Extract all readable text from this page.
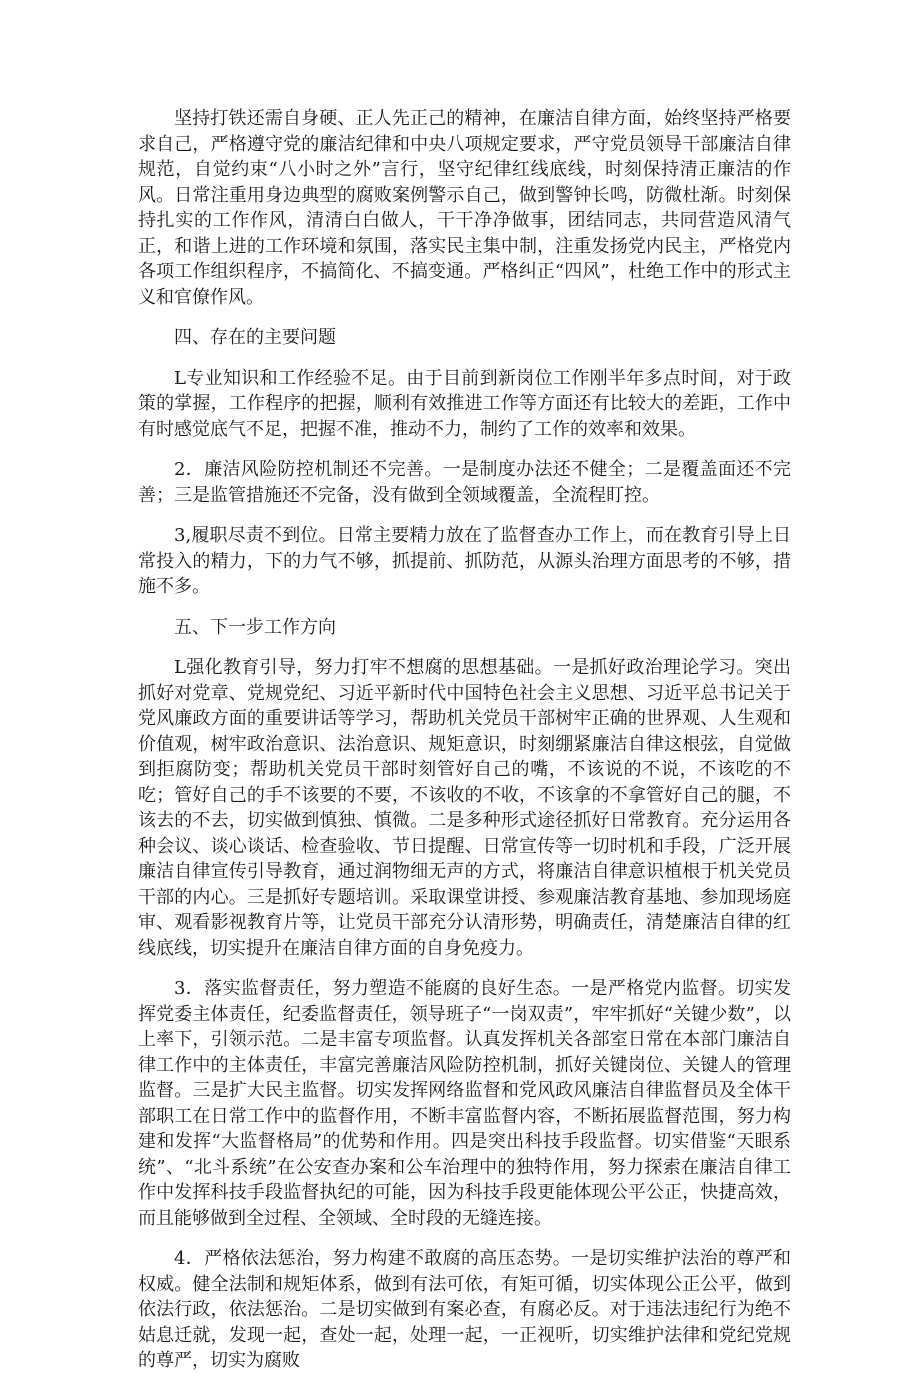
坚持打铁还需自身硬、正人先正己的精神，在廉洁自律方面，始终坚持严格要求自己，严格遵守党的廉洁纪律和中央八项规定要求，严守党员领导干部廉洁自律规范，自觉约束“八小时之外”言行，坚守纪律红线底线，时刻保持清正廉洁的作风。日常注重用身边典型的腐败案例警示自己，做到警钟长鸣，防微杜渐。时刻保持扎实的工作作风，清清白白做人，干干净净做事，团结同志，共同营造风清气正，和谐上进的工作环境和氛围，落实民主集中制，注重发扬党内民主，严格党内各项工作组织程序，不搞简化、不搞变通。严格纠正“四风”，杜绝工作中的形式主义和官僚作风。

四、存在的主要问题

L专业知识和工作经验不足。由于目前到新岗位工作刚半年多点时间，对于政策的掌握，工作程序的把握，顺利有效推进工作等方面还有比较大的差距，工作中有时感觉底气不足，把握不准，推动不力，制约了工作的效率和效果。

2．廉洁风险防控机制还不完善。一是制度办法还不健全；二是覆盖面还不完善；三是监管措施还不完备，没有做到全领域覆盖，全流程盯控。

3,履职尽责不到位。日常主要精力放在了监督查办工作上，而在教育引导上日常投入的精力，下的力气不够，抓提前、抓防范，从源头治理方面思考的不够，措施不多。

五、下一步工作方向

L强化教育引导，努力打牢不想腐的思想基础。一是抓好政治理论学习。突出抓好对党章、党规党纪、习近平新时代中国特色社会主义思想、习近平总书记关于党风廉政方面的重要讲话等学习，帮助机关党员干部树牢正确的世界观、人生观和价值观，树牢政治意识、法治意识、规矩意识，时刻绷紧廉洁自律这根弦，自觉做到拒腐防变；帮助机关党员干部时刻管好自己的嘴，不该说的不说，不该吃的不吃；管好自己的手不该要的不要，不该收的不收，不该拿的不拿管好自己的腿，不该去的不去，切实做到慎独、慎微。二是多种形式途径抓好日常教育。充分运用各种会议、谈心谈话、检查验收、节日提醒、日常宣传等一切时机和手段，广泛开展廉洁自律宣传引导教育，通过润物细无声的方式，将廉洁自律意识植根于机关党员干部的内心。三是抓好专题培训。采取课堂讲授、参观廉洁教育基地、参加现场庭审、观看影视教育片等，让党员干部充分认清形势，明确责任，清楚廉洁自律的红线底线，切实提升在廉洁自律方面的自身免疫力。

3．落实监督责任，努力塑造不能腐的良好生态。一是严格党内监督。切实发挥党委主体责任，纪委监督责任，领导班子“一岗双责”，牢牢抓好“关键少数”，以上率下，引领示范。二是丰富专项监督。认真发挥机关各部室日常在本部门廉洁自律工作中的主体责任，丰富完善廉洁风险防控机制，抓好关键岗位、关键人的管理监督。三是扩大民主监督。切实发挥网络监督和党风政风廉洁自律监督员及全体干部职工在日常工作中的监督作用，不断丰富监督内容，不断拓展监督范围，努力构建和发挥“大监督格局”的优势和作用。四是突出科技手段监督。切实借鉴“天眼系统”、“北斗系统”在公安查办案和公车治理中的独特作用，努力探索在廉洁自律工作中发挥科技手段监督执纪的可能，因为科技手段更能体现公平公正，快捷高效，而且能够做到全过程、全领域、全时段的无缝连接。

4．严格依法惩治，努力构建不敢腐的高压态势。一是切实维护法治的尊严和权威。健全法制和规矩体系，做到有法可依，有矩可循，切实体现公正公平，做到依法行政，依法惩治。二是切实做到有案必查，有腐必反。对于违法违纪行为绝不姑息迁就，发现一起，查处一起，处理一起，一正视听，切实维护法律和党纪党规的尊严，切实为腐败
